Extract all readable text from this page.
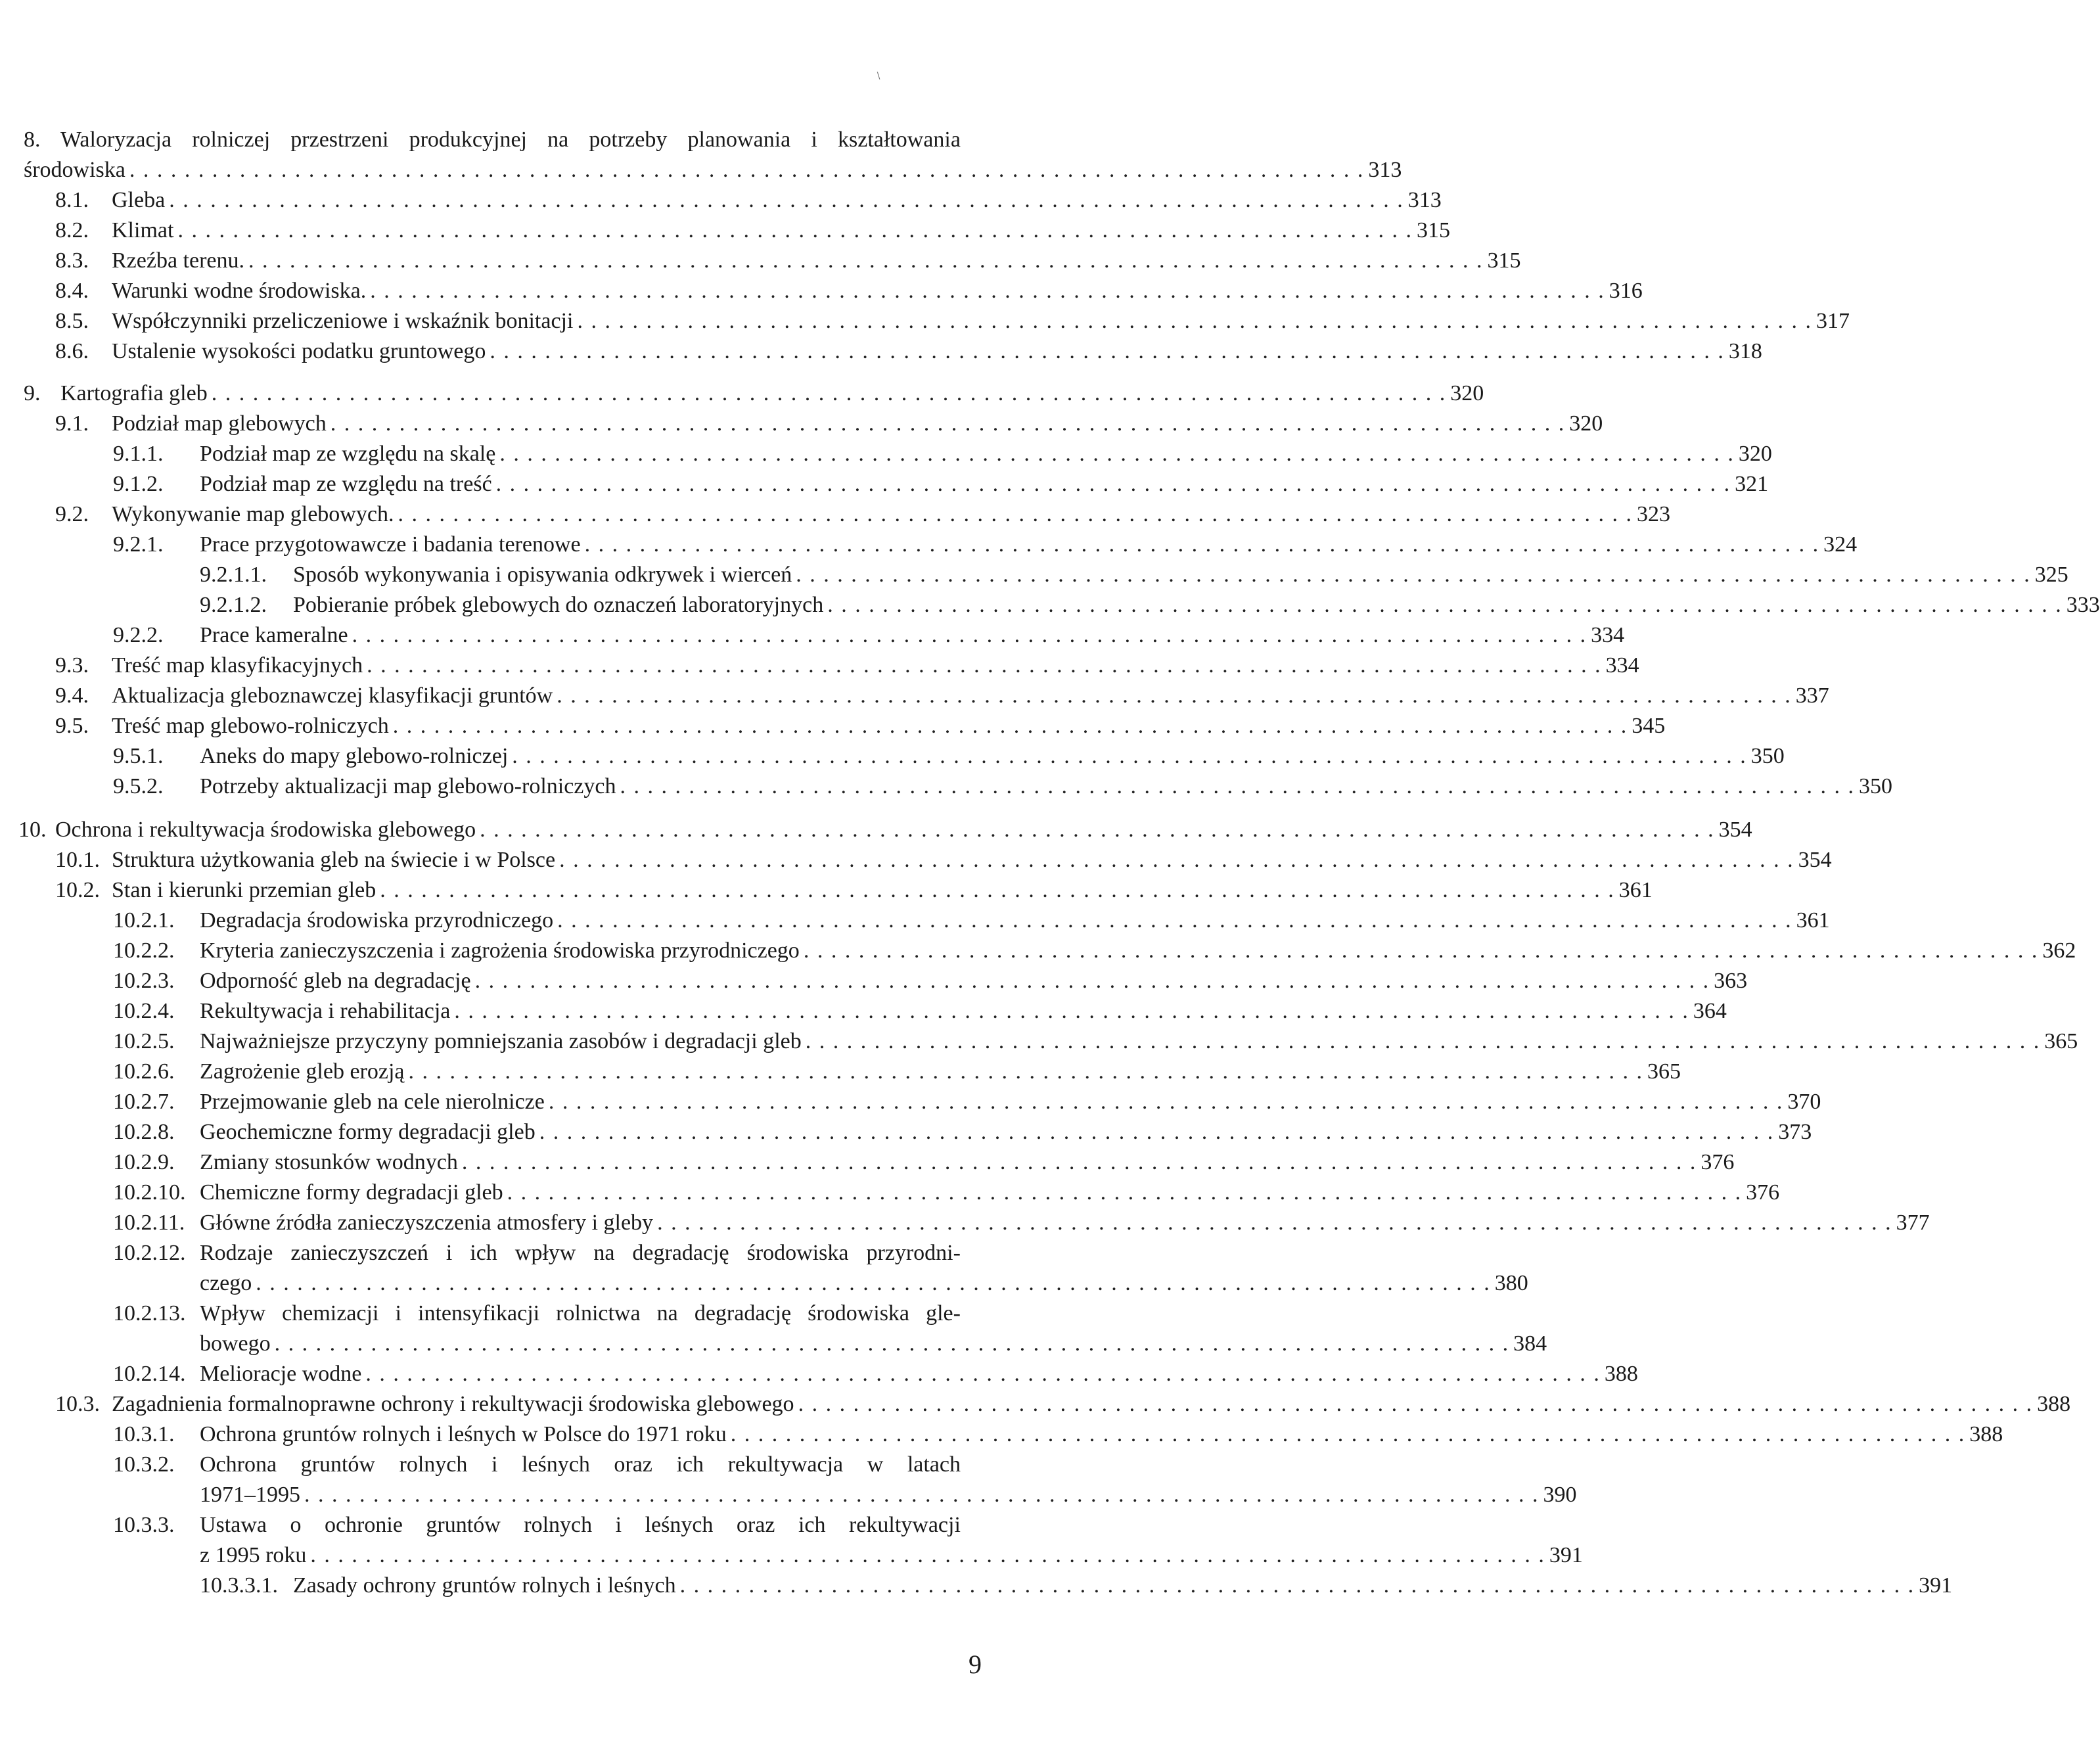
∖
8. Waloryzacja rolniczej przestrzeni produkcyjnej na potrzeby planowania i kształtowania
środowiska . . . . . . . . . . . . . . . . . . . . . . . . . . . . . . . . . . . . . . . . . . . . . . . . . . . . . . . . . . . . . . . . . . . . . . . . . . . . . . . . . . . . . . . . . . 313
8.1. Gleba . . . . . . . . . . . . . . . . . . . . . . . . . . . . . . . . . . . . . . . . . . . . . . . . . . . . . . . . . . . . . . . . . . . . . . . . . . . . . . . . . . . . . . . . . . 313
8.2. Klimat . . . . . . . . . . . . . . . . . . . . . . . . . . . . . . . . . . . . . . . . . . . . . . . . . . . . . . . . . . . . . . . . . . . . . . . . . . . . . . . . . . . . . . . . . . 315
8.3. Rzeźba terenu. . . . . . . . . . . . . . . . . . . . . . . . . . . . . . . . . . . . . . . . . . . . . . . . . . . . . . . . . . . . . . . . . . . . . . . . . . . . . . . . . . . . . . . . . . . 315
8.4. Warunki wodne środowiska. . . . . . . . . . . . . . . . . . . . . . . . . . . . . . . . . . . . . . . . . . . . . . . . . . . . . . . . . . . . . . . . . . . . . . . . . . . . . . . . . . . . . . . . . . . 316
8.5. Współczynniki przeliczeniowe i wskaźnik bonitacji . . . . . . . . . . . . . . . . . . . . . . . . . . . . . . . . . . . . . . . . . . . . . . . . . . . . . . . . . . . . . . . . . . . . . . . . . . . . . . . . . . . . . . . . . . 317
8.6. Ustalenie wysokości podatku gruntowego . . . . . . . . . . . . . . . . . . . . . . . . . . . . . . . . . . . . . . . . . . . . . . . . . . . . . . . . . . . . . . . . . . . . . . . . . . . . . . . . . . . . . . . . . . 318
9. Kartografia gleb . . . . . . . . . . . . . . . . . . . . . . . . . . . . . . . . . . . . . . . . . . . . . . . . . . . . . . . . . . . . . . . . . . . . . . . . . . . . . . . . . . . . . . . . . . 320
9.1. Podział map glebowych . . . . . . . . . . . . . . . . . . . . . . . . . . . . . . . . . . . . . . . . . . . . . . . . . . . . . . . . . . . . . . . . . . . . . . . . . . . . . . . . . . . . . . . . . . 320
9.1.1. Podział map ze względu na skalę . . . . . . . . . . . . . . . . . . . . . . . . . . . . . . . . . . . . . . . . . . . . . . . . . . . . . . . . . . . . . . . . . . . . . . . . . . . . . . . . . . . . . . . . . . 320
9.1.2. Podział map ze względu na treść . . . . . . . . . . . . . . . . . . . . . . . . . . . . . . . . . . . . . . . . . . . . . . . . . . . . . . . . . . . . . . . . . . . . . . . . . . . . . . . . . . . . . . . . . . 321
9.2. Wykonywanie map glebowych. . . . . . . . . . . . . . . . . . . . . . . . . . . . . . . . . . . . . . . . . . . . . . . . . . . . . . . . . . . . . . . . . . . . . . . . . . . . . . . . . . . . . . . . . . . 323
9.2.1. Prace przygotowawcze i badania terenowe . . . . . . . . . . . . . . . . . . . . . . . . . . . . . . . . . . . . . . . . . . . . . . . . . . . . . . . . . . . . . . . . . . . . . . . . . . . . . . . . . . . . . . . . . . 324
9.2.1.1. Sposób wykonywania i opisywania odkrywek i wierceń . . . . . . . . . . . . . . . . . . . . . . . . . . . . . . . . . . . . . . . . . . . . . . . . . . . . . . . . . . . . . . . . . . . . . . . . . . . . . . . . . . . . . . . . . . 325
9.2.1.2. Pobieranie próbek glebowych do oznaczeń laboratoryjnych . . . . . . . . . . . . . . . . . . . . . . . . . . . . . . . . . . . . . . . . . . . . . . . . . . . . . . . . . . . . . . . . . . . . . . . . . . . . . . . . . . . . . . . . . . 333
9.2.2. Prace kameralne . . . . . . . . . . . . . . . . . . . . . . . . . . . . . . . . . . . . . . . . . . . . . . . . . . . . . . . . . . . . . . . . . . . . . . . . . . . . . . . . . . . . . . . . . . 334
9.3. Treść map klasyfikacyjnych . . . . . . . . . . . . . . . . . . . . . . . . . . . . . . . . . . . . . . . . . . . . . . . . . . . . . . . . . . . . . . . . . . . . . . . . . . . . . . . . . . . . . . . . . . 334
9.4. Aktualizacja gleboznawczej klasyfikacji gruntów . . . . . . . . . . . . . . . . . . . . . . . . . . . . . . . . . . . . . . . . . . . . . . . . . . . . . . . . . . . . . . . . . . . . . . . . . . . . . . . . . . . . . . . . . . 337
9.5. Treść map glebowo-rolniczych . . . . . . . . . . . . . . . . . . . . . . . . . . . . . . . . . . . . . . . . . . . . . . . . . . . . . . . . . . . . . . . . . . . . . . . . . . . . . . . . . . . . . . . . . . 345
9.5.1. Aneks do mapy glebowo-rolniczej . . . . . . . . . . . . . . . . . . . . . . . . . . . . . . . . . . . . . . . . . . . . . . . . . . . . . . . . . . . . . . . . . . . . . . . . . . . . . . . . . . . . . . . . . . 350
9.5.2. Potrzeby aktualizacji map glebowo-rolniczych . . . . . . . . . . . . . . . . . . . . . . . . . . . . . . . . . . . . . . . . . . . . . . . . . . . . . . . . . . . . . . . . . . . . . . . . . . . . . . . . . . . . . . . . . . 350
10. Ochrona i rekultywacja środowiska glebowego . . . . . . . . . . . . . . . . . . . . . . . . . . . . . . . . . . . . . . . . . . . . . . . . . . . . . . . . . . . . . . . . . . . . . . . . . . . . . . . . . . . . . . . . . . 354
10.1. Struktura użytkowania gleb na świecie i w Polsce . . . . . . . . . . . . . . . . . . . . . . . . . . . . . . . . . . . . . . . . . . . . . . . . . . . . . . . . . . . . . . . . . . . . . . . . . . . . . . . . . . . . . . . . . . 354
10.2. Stan i kierunki przemian gleb . . . . . . . . . . . . . . . . . . . . . . . . . . . . . . . . . . . . . . . . . . . . . . . . . . . . . . . . . . . . . . . . . . . . . . . . . . . . . . . . . . . . . . . . . . 361
10.2.1. Degradacja środowiska przyrodniczego . . . . . . . . . . . . . . . . . . . . . . . . . . . . . . . . . . . . . . . . . . . . . . . . . . . . . . . . . . . . . . . . . . . . . . . . . . . . . . . . . . . . . . . . . . 361
10.2.2. Kryteria zanieczyszczenia i zagrożenia środowiska przyrodniczego . . . . . . . . . . . . . . . . . . . . . . . . . . . . . . . . . . . . . . . . . . . . . . . . . . . . . . . . . . . . . . . . . . . . . . . . . . . . . . . . . . . . . . . . . . 362
10.2.3. Odporność gleb na degradację . . . . . . . . . . . . . . . . . . . . . . . . . . . . . . . . . . . . . . . . . . . . . . . . . . . . . . . . . . . . . . . . . . . . . . . . . . . . . . . . . . . . . . . . . . 363
10.2.4. Rekultywacja i rehabilitacja . . . . . . . . . . . . . . . . . . . . . . . . . . . . . . . . . . . . . . . . . . . . . . . . . . . . . . . . . . . . . . . . . . . . . . . . . . . . . . . . . . . . . . . . . . 364
10.2.5. Najważniejsze przyczyny pomniejszania zasobów i degradacji gleb . . . . . . . . . . . . . . . . . . . . . . . . . . . . . . . . . . . . . . . . . . . . . . . . . . . . . . . . . . . . . . . . . . . . . . . . . . . . . . . . . . . . . . . . . . 365
10.2.6. Zagrożenie gleb erozją . . . . . . . . . . . . . . . . . . . . . . . . . . . . . . . . . . . . . . . . . . . . . . . . . . . . . . . . . . . . . . . . . . . . . . . . . . . . . . . . . . . . . . . . . . 365
10.2.7. Przejmowanie gleb na cele nierolnicze . . . . . . . . . . . . . . . . . . . . . . . . . . . . . . . . . . . . . . . . . . . . . . . . . . . . . . . . . . . . . . . . . . . . . . . . . . . . . . . . . . . . . . . . . . 370
10.2.8. Geochemiczne formy degradacji gleb . . . . . . . . . . . . . . . . . . . . . . . . . . . . . . . . . . . . . . . . . . . . . . . . . . . . . . . . . . . . . . . . . . . . . . . . . . . . . . . . . . . . . . . . . . 373
10.2.9. Zmiany stosunków wodnych . . . . . . . . . . . . . . . . . . . . . . . . . . . . . . . . . . . . . . . . . . . . . . . . . . . . . . . . . . . . . . . . . . . . . . . . . . . . . . . . . . . . . . . . . . 376
10.2.10. Chemiczne formy degradacji gleb . . . . . . . . . . . . . . . . . . . . . . . . . . . . . . . . . . . . . . . . . . . . . . . . . . . . . . . . . . . . . . . . . . . . . . . . . . . . . . . . . . . . . . . . . . 376
10.2.11. Główne źródła zanieczyszczenia atmosfery i gleby . . . . . . . . . . . . . . . . . . . . . . . . . . . . . . . . . . . . . . . . . . . . . . . . . . . . . . . . . . . . . . . . . . . . . . . . . . . . . . . . . . . . . . . . . . 377
10.2.12. Rodzaje zanieczyszczeń i ich wpływ na degradację środowiska przyrodni-
czego . . . . . . . . . . . . . . . . . . . . . . . . . . . . . . . . . . . . . . . . . . . . . . . . . . . . . . . . . . . . . . . . . . . . . . . . . . . . . . . . . . . . . . . . . . 380
10.2.13. Wpływ chemizacji i intensyfikacji rolnictwa na degradację środowiska gle-
bowego . . . . . . . . . . . . . . . . . . . . . . . . . . . . . . . . . . . . . . . . . . . . . . . . . . . . . . . . . . . . . . . . . . . . . . . . . . . . . . . . . . . . . . . . . . 384
10.2.14. Melioracje wodne . . . . . . . . . . . . . . . . . . . . . . . . . . . . . . . . . . . . . . . . . . . . . . . . . . . . . . . . . . . . . . . . . . . . . . . . . . . . . . . . . . . . . . . . . . 388
10.3. Zagadnienia formalnoprawne ochrony i rekultywacji środowiska glebowego . . . . . . . . . . . . . . . . . . . . . . . . . . . . . . . . . . . . . . . . . . . . . . . . . . . . . . . . . . . . . . . . . . . . . . . . . . . . . . . . . . . . . . . . . . 388
10.3.1. Ochrona gruntów rolnych i leśnych w Polsce do 1971 roku . . . . . . . . . . . . . . . . . . . . . . . . . . . . . . . . . . . . . . . . . . . . . . . . . . . . . . . . . . . . . . . . . . . . . . . . . . . . . . . . . . . . . . . . . . 388
10.3.2. Ochrona gruntów rolnych i leśnych oraz ich rekultywacja w latach
1971–1995 . . . . . . . . . . . . . . . . . . . . . . . . . . . . . . . . . . . . . . . . . . . . . . . . . . . . . . . . . . . . . . . . . . . . . . . . . . . . . . . . . . . . . . . . . . 390
10.3.3. Ustawa o ochronie gruntów rolnych i leśnych oraz ich rekultywacji
z 1995 roku . . . . . . . . . . . . . . . . . . . . . . . . . . . . . . . . . . . . . . . . . . . . . . . . . . . . . . . . . . . . . . . . . . . . . . . . . . . . . . . . . . . . . . . . . . 391
10.3.3.1. Zasady ochrony gruntów rolnych i leśnych . . . . . . . . . . . . . . . . . . . . . . . . . . . . . . . . . . . . . . . . . . . . . . . . . . . . . . . . . . . . . . . . . . . . . . . . . . . . . . . . . . . . . . . . . . 391
9
